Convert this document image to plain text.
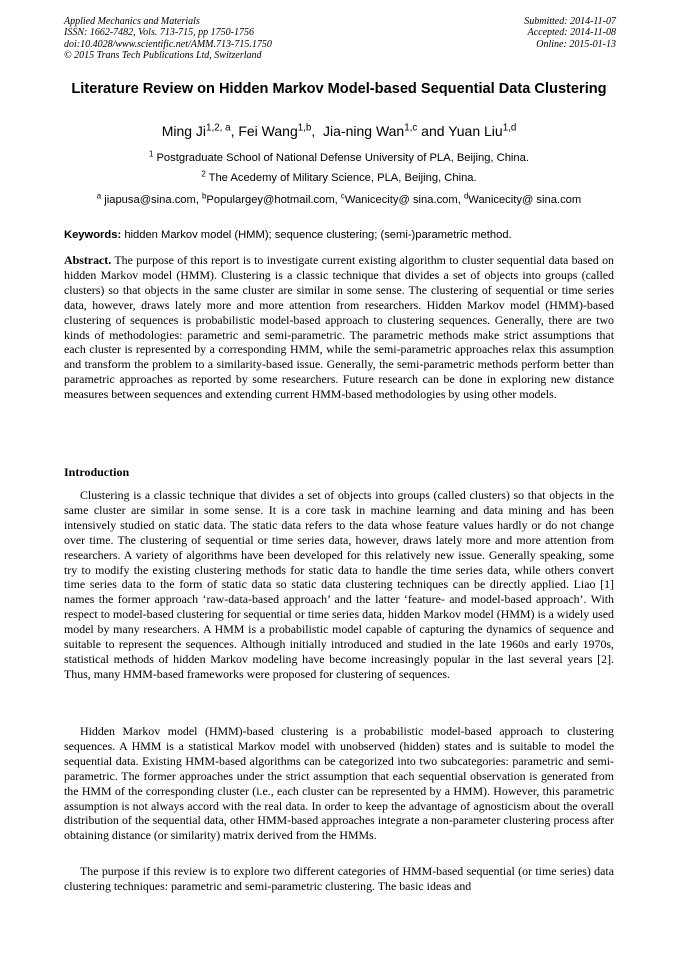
Applied Mechanics and Materials
ISSN: 1662-7482, Vols. 713-715, pp 1750-1756
doi:10.4028/www.scientific.net/AMM.713-715.1750
© 2015 Trans Tech Publications Ltd, Switzerland
Submitted: 2014-11-07
Accepted: 2014-11-08
Online: 2015-01-13
Literature Review on Hidden Markov Model-based Sequential Data Clustering
Ming Ji$^{1,2, a}$, Fei Wang$^{1,b}$,  Jia-ning Wan$^{1,c}$ and Yuan Liu$^{1,d}$
$^1$ Postgraduate School of National Defense University of PLA, Beijing, China.
$^2$ The Acedemy of Military Science, PLA, Beijing, China.
$^a$ jiapusa@sina.com, $^b$Populargey@hotmail.com, $^c$Wanicecity@ sina.com, $^d$Wanicecity@ sina.com
Keywords: hidden Markov model (HMM); sequence clustering; (semi-)parametric method.
Abstract. The purpose of this report is to investigate current existing algorithm to cluster sequential data based on hidden Markov model (HMM). Clustering is a classic technique that divides a set of objects into groups (called clusters) so that objects in the same cluster are similar in some sense. The clustering of sequential or time series data, however, draws lately more and more attention from researchers. Hidden Markov model (HMM)-based clustering of sequences is probabilistic model-based approach to clustering sequences. Generally, there are two kinds of methodologies: parametric and semi-parametric. The parametric methods make strict assumptions that each cluster is represented by a corresponding HMM, while the semi-parametric approaches relax this assumption and transform the problem to a similarity-based issue. Generally, the semi-parametric methods perform better than parametric approaches as reported by some researchers. Future research can be done in exploring new distance measures between sequences and extending current HMM-based methodologies by using other models.
Introduction

Clustering is a classic technique that divides a set of objects into groups (called clusters) so that objects in the same cluster are similar in some sense. It is a core task in machine learning and data mining and has been intensively studied on static data. The static data refers to the data whose feature values hardly or do not change over time. The clustering of sequential or time series data, however, draws lately more and more attention from researchers. A variety of algorithms have been developed for this relatively new issue. Generally speaking, some try to modify the existing clustering methods for static data to handle the time series data, while others convert time series data to the form of static data so static data clustering techniques can be directly applied. Liao [1] names the former approach ‘raw-data-based approach’ and the latter ‘feature- and model-based approach’. With respect to model-based clustering for sequential or time series data, hidden Markov model (HMM) is a widely used model by many researchers. A HMM is a probabilistic model capable of capturing the dynamics of sequence and suitable to represent the sequences. Although initially introduced and studied in the late 1960s and early 1970s, statistical methods of hidden Markov modeling have become increasingly popular in the last several years [2]. Thus, many HMM-based frameworks were proposed for clustering of sequences.

Hidden Markov model (HMM)-based clustering is a probabilistic model-based approach to clustering sequences. A HMM is a statistical Markov model with unobserved (hidden) states and is suitable to model the sequential data. Existing HMM-based algorithms can be categorized into two subcategories: parametric and semi-parametric. The former approaches under the strict assumption that each sequential observation is generated from the HMM of the corresponding cluster (i.e., each cluster can be represented by a HMM). However, this parametric assumption is not always accord with the real data. In order to keep the advantage of agnosticism about the overall distribution of the sequential data, other HMM-based approaches integrate a non-parameter clustering process after obtaining distance (or similarity) matrix derived from the HMMs.

The purpose if this review is to explore two different categories of HMM-based sequential (or time series) data clustering techniques: parametric and semi-parametric clustering. The basic ideas and
